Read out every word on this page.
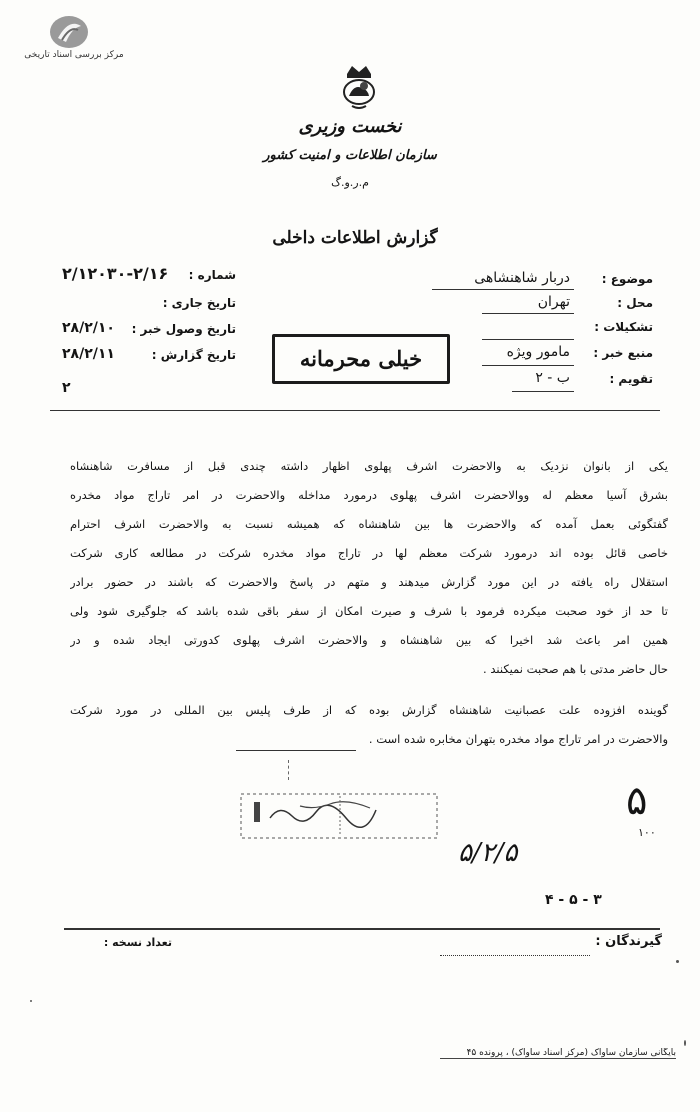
مرکز بررسی اسناد تاریخی
نخست وزیری
سازمان اطلاعات و امنیت کشور
م.ر.و.گ
گزارش اطلاعات داخلی
موضوع :
دربار شاهنشاهی
محل :
تهران
تشکیلات :
منبع خبر :
مامور ویژه
تقویم :
ب - ۲
شماره :
۲/۱۲۰۳۰-۲/۱۶
تاریخ جاری :
تاریخ وصول خبر :
۲۸/۲/۱۰
تاریخ گزارش :
۲۸/۲/۱۱
۲
خیلی محرمانه
یکی از بانوان نزدیک به والاحضرت اشرف پهلوی اظهار داشته چندی قبل از مسافرت شاهنشاه
بشرق آسیا معظم له ووالاحضرت اشرف پهلوی درمورد مداخله والاحضرت در امر تاراج مواد مخدره
گفتگوئی بعمل آمده که والاحضرت ها بین شاهنشاه که همیشه نسبت به والاحضرت اشرف احترام
خاصی قائل بوده اند درمورد شرکت معظم لها در تاراج مواد مخدره شرکت در مطالعه کاری شرکت
استقلال راه یافته در این مورد گزارش میدهند و متهم در پاسخ والاحضرت که باشند در حضور برادر
تا حد از خود صحبت میکرده فرمود با شرف و صیرت امکان از سفر باقی شده باشد که جلوگیری شود ولی
همین امر باعث شد اخیرا که بین شاهنشاه و والاحضرت اشرف پهلوی کدورتی ایجاد شده و در
حال حاضر مدتی با هم صحبت نمیکنند .
گوینده افزوده علت عصبانیت شاهنشاه گزارش بوده که از طرف پلیس بین المللی در مورد شرکت
والاحضرت در امر تاراج مواد مخدره بتهران مخابره شده است .
۵
۱۰۰
۵/۲/۵
۴ - ۵ - ۳
گیرندگان :
تعداد نسخه :
بایگانی سازمان ساواک (مرکز اسناد ساواک) ، پرونده ۴۵
